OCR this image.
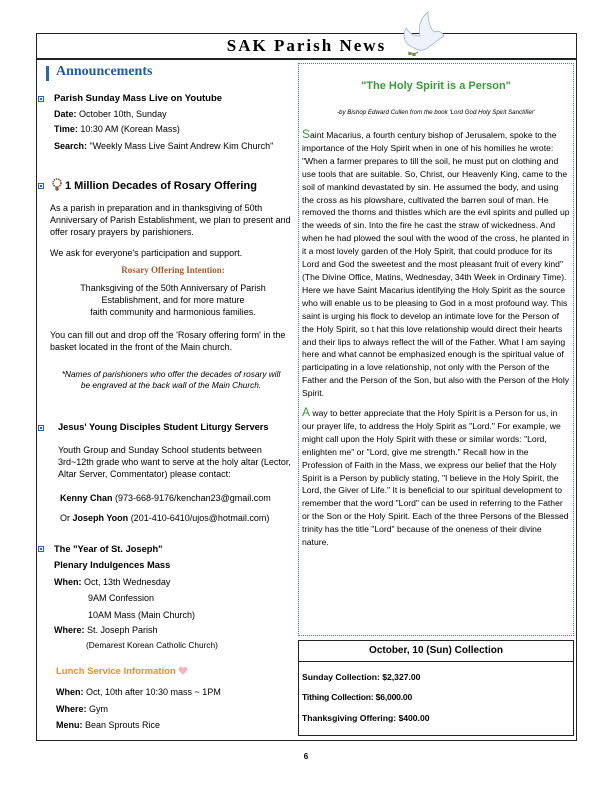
SAK Parish News
Announcements
Parish Sunday Mass Live on Youtube
Date: October 10th, Sunday
Time: 10:30 AM (Korean Mass)
Search: "Weekly Mass Live Saint Andrew Kim Church"
1 Million Decades of Rosary Offering
As a parish in preparation and in thanksgiving of 50th Anniversary of Parish Establishment, we plan to present and offer rosary prayers by parishioners.
We ask for everyone's participation and support.
Rosary Offering Intention:
Thanksgiving of the 50th Anniversary of Parish
Establishment, and for more mature
faith community and harmonious families.
You can fill out and drop off the 'Rosary offering form' in the basket located in the front of the Main church.
*Names of parishioners who offer the decades of rosary will be engraved at the back wall of the Main Church.
Jesus' Young Disciples Student Liturgy Servers
Youth Group and Sunday School students between 3rd~12th grade who want to serve at the holy altar (Lector, Altar Server, Commentator) please contact:
Kenny Chan (973-668-9176/kenchan23@gmail.com
Or Joseph Yoon (201-410-6410/ujos@hotmail.com)
The "Year of St. Joseph"
Plenary Indulgences Mass
When: Oct, 13th Wednesday
9AM Confession
10AM Mass (Main Church)
Where: St. Joseph Parish
(Demarest Korean Catholic Church)
Lunch Service Information
When: Oct, 10th after 10:30 mass ~ 1PM
Where: Gym
Menu: Bean Sprouts Rice
"The Holy Spirit is a Person"
-by Bishop Edward Cullen from the book 'Lord God Holy Spirit Sanctifier'

Saint Macarius, a fourth century bishop of Jerusalem, spoke to the importance of the Holy Spirit when in one of his homilies he wrote: "When a farmer prepares to till the soil, he must put on clothing and use tools that are suitable. So, Christ, our Heavenly King, came to the soil of mankind devastated by sin. He assumed the body, and using the cross as his plowshare, cultivated the barren soul of man. He removed the thorns and thistles which are the evil spirits and pulled up the weeds of sin. Into the fire he cast the straw of wickedness. And when he had plowed the soul with the wood of the cross, he planted in it a most lovely garden of the Holy Spirit, that could produce for its Lord and God the sweetest and the most pleasant fruit of every kind" (The Divine Office, Matins, Wednesday, 34th Week in Ordinary Time). Here we have Saint Macarius identifying the Holy Spirit as the source who will enable us to be pleasing to God in a most profound way. This saint is urging his flock to develop an intimate love for the Person of the Holy Spirit, so t hat this love relationship would direct their hearts and their lips to always reflect the will of the Father. What I am saying here and what cannot be emphasized enough is the spiritual value of participating in a love relationship, not only with the Person of the Father and the Person of the Son, but also with the Person of the Holy Spirit.

A way to better appreciate that the Holy Spirit is a Person for us, in our prayer life, to address the Holy Spirit as "Lord." For example, we might call upon the Holy Spirit with these or similar words: "Lord, enlighten me" or "Lord, give me strength." Recall how in the Profession of Faith in the Mass, we express our belief that the Holy Spirit is a Person by publicly stating, "I believe in the Holy Spirit, the Lord, the Giver of Life." It is beneficial to our spiritual development to remember that the word "Lord" can be used in referring to the Father or the Son or the Holy Spirit. Each of the three Persons of the Blessed trinity has the title "Lord" because of the oneness of their divine nature.

October, 10 (Sun) Collection
Sunday Collection: $2,327.00
Tithing Collection: $6,000.00
Thanksgiving Offering: $400.00
6
